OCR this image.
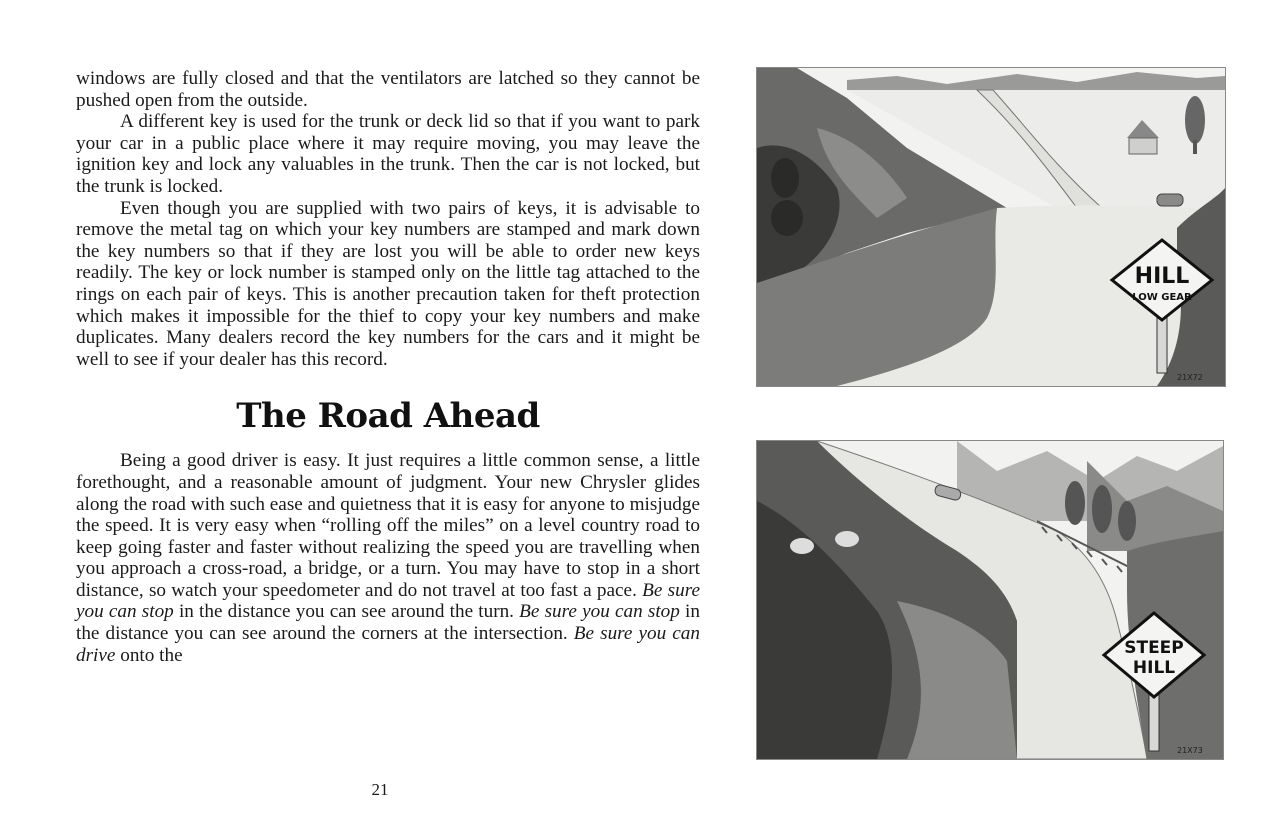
windows are fully closed and that the ventilators are latched so they cannot be pushed open from the outside.

A different key is used for the trunk or deck lid so that if you want to park your car in a public place where it may require moving, you may leave the ignition key and lock any valuables in the trunk. Then the car is not locked, but the trunk is locked.

Even though you are supplied with two pairs of keys, it is advisable to remove the metal tag on which your key numbers are stamped and mark down the key numbers so that if they are lost you will be able to order new keys readily. The key or lock number is stamped only on the little tag attached to the rings on each pair of keys. This is another precaution taken for theft protection which makes it impossible for the thief to copy your key numbers and make duplicates. Many dealers record the key numbers for the cars and it might be well to see if your dealer has this record.

The Road Ahead

Being a good driver is easy. It just requires a little common sense, a little forethought, and a reasonable amount of judgment. Your new Chrysler glides along the road with such ease and quietness that it is easy for anyone to misjudge the speed. It is very easy when “rolling off the miles” on a level country road to keep going faster and faster without realizing the speed you are travelling when you approach a cross-road, a bridge, or a turn. You may have to stop in a short distance, so watch your speedometer and do not travel at too fast a pace. Be sure you can stop in the distance you can see around the turn. Be sure you can stop in the distance you can see around the corners at the intersection. Be sure you can drive onto the

21
HILL
LOW GEAR
21X72
STEEP
HILL
21X73
